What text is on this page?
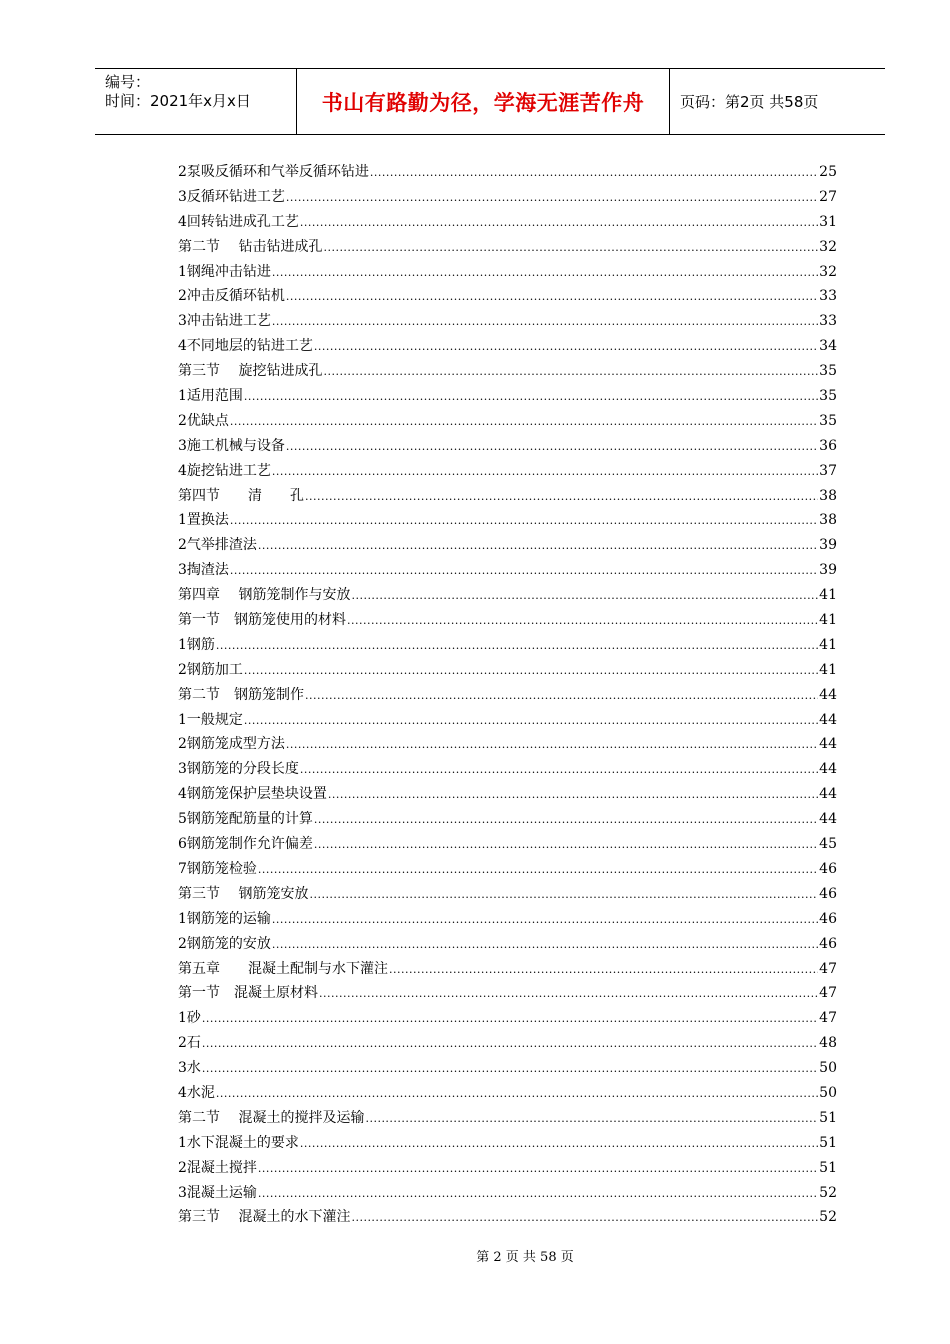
编号：
时间：2021年x月x日	书山有路勤为径，学海无涯苦作舟	页码：第2页 共58页
2泵吸反循环和气举反循环钻进 .....	25
3反循环钻进工艺 .....	27
4回转钻进成孔工艺 .....	31
第二节　 钻击钻进成孔 .....	32
1钢绳冲击钻进 .....	32
2冲击反循环钻机 .....	33
3冲击钻进工艺 .....	33
4不同地层的钻进工艺 .....	34
第三节　 旋挖钻进成孔 .....	35
1适用范围 .....	35
2优缺点 .....	35
3施工机械与设备 .....	36
4旋挖钻进工艺 .....	37
第四节　　清　　孔 .....	38
1置换法 .....	38
2气举排渣法 .....	39
3掏渣法 .....	39
第四章　 钢筋笼制作与安放 .....	41
第一节　钢筋笼使用的材料 .....	41
1钢筋 .....	41
2钢筋加工 .....	41
第二节　钢筋笼制作 .....	44
1一般规定 .....	44
2钢筋笼成型方法 .....	44
3钢筋笼的分段长度 .....	44
4钢筋笼保护层垫块设置 .....	44
5钢筋笼配筋量的计算 .....	44
6钢筋笼制作允许偏差 .....	45
7钢筋笼检验 .....	46
第三节　 钢筋笼安放 .....	46
1钢筋笼的运输 .....	46
2钢筋笼的安放 .....	46
第五章　　混凝土配制与水下灌注 .....	47
第一节　混凝土原材料 .....	47
1砂 .....	47
2石 .....	48
3水 .....	50
4水泥 .....	50
第二节　 混凝土的搅拌及运输 .....	51
1水下混凝土的要求 .....	51
2混凝土搅拌 .....	51
3混凝土运输 .....	52
第三节　 混凝土的水下灌注 .....	52
第 2 页 共 58 页
